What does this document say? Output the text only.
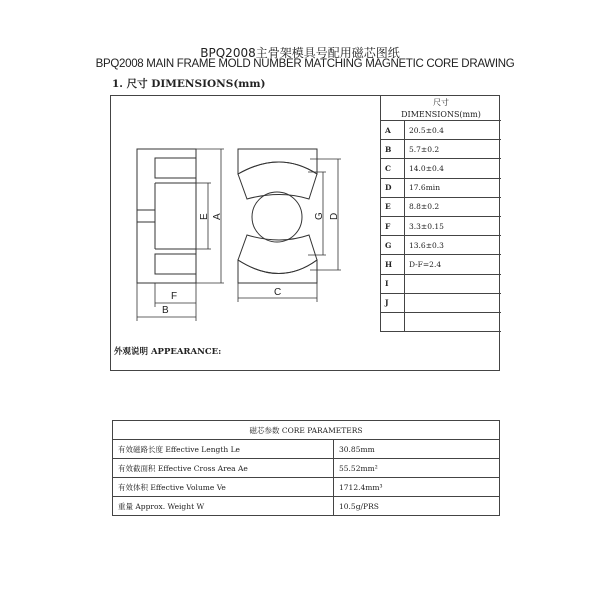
BPQ2008主骨架模具号配用磁芯图纸
BPQ2008 MAIN FRAME MOLD NUMBER MATCHING MAGNETIC CORE DRAWING
1. 尺寸 DIMENSIONS(mm)
A
E
F
B
C
G D
尺寸
DIMENSIONS(mm)
A	20.5±0.4
B	5.7±0.2
C	14.0±0.4
D	17.6min
E	8.8±0.2
F	3.3±0.15
G	13.6±0.3
H	D-F=2.4
I
J
外观说明 APPEARANCE:
磁芯参数 CORE PARAMETERS	
有效磁路长度 Effective Length Le	30.85mm
有效截面积 Effective Cross Area Ae	55.52mm²
有效体积 Effective Volume Ve	1712.4mm³
重量 Approx. Weight W	10.5g/PRS
